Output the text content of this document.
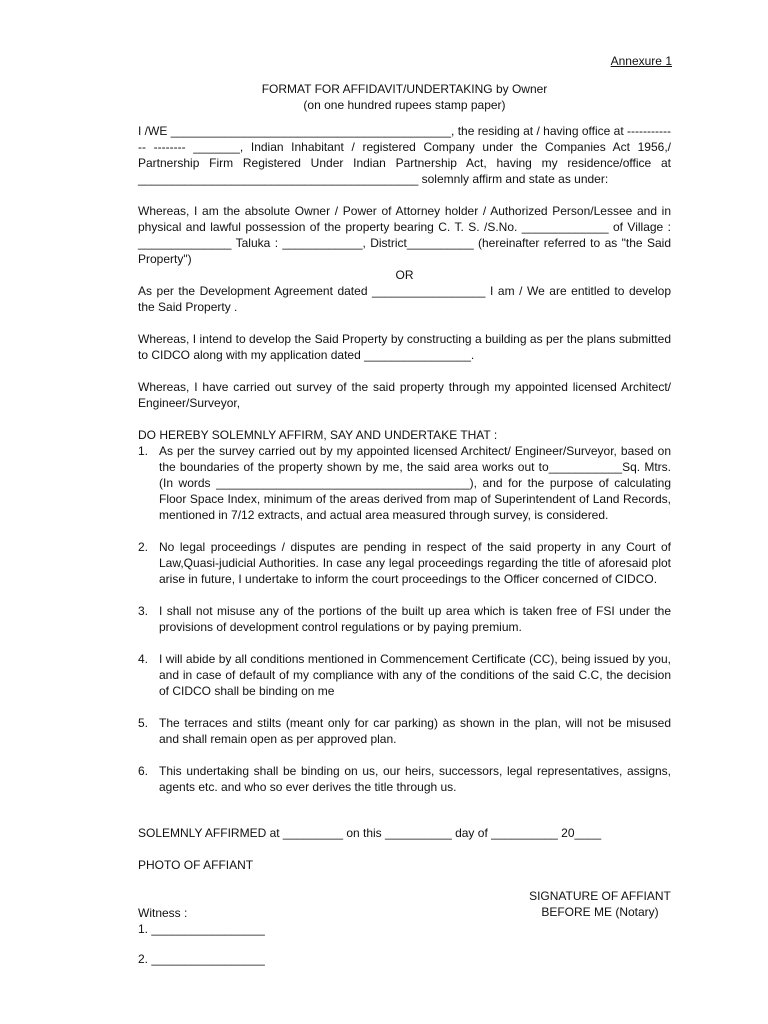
Annexure 1
FORMAT FOR AFFIDAVIT/UNDERTAKING by Owner
(on one hundred rupees stamp paper)

I /WE __________________________________________, the residing at / having office at ------------- -------- _______, Indian Inhabitant / registered Company under the Companies Act 1956,/ Partnership Firm Registered Under Indian Partnership Act, having my residence/office at __________________________________________ solemnly affirm and state as under:

Whereas, I am the absolute Owner / Power of Attorney holder / Authorized Person/Lessee and in physical and lawful possession of the property bearing C. T. S. /S.No. _____________ of Village : ______________ Taluka : ____________, District__________ (hereinafter referred to as "the Said Property")

OR

As per the Development Agreement dated _________________ I am / We are entitled to develop the Said Property .

Whereas, I intend to develop the Said Property by constructing a building as per the plans submitted to CIDCO along with my application dated ________________.

Whereas, I have carried out survey of the said property through my appointed licensed Architect/ Engineer/Surveyor,

DO HEREBY SOLEMNLY AFFIRM, SAY AND UNDERTAKE THAT :

1. As per the survey carried out by my appointed licensed Architect/ Engineer/Surveyor, based on the boundaries of the property shown by me, the said area works out to___________Sq. Mtrs. (In words ______________________________________), and for the purpose of calculating Floor Space Index, minimum of the areas derived from map of Superintendent of Land Records, mentioned in 7/12 extracts, and actual area measured through survey, is considered.
2. No legal proceedings / disputes are pending in respect of the said property in any Court of Law,Quasi-judicial Authorities. In case any legal proceedings regarding the title of aforesaid plot arise in future, I undertake to inform the court proceedings to the Officer concerned of CIDCO.
3. I shall not misuse any of the portions of the built up area which is taken free of FSI under the provisions of development control regulations or by paying premium.
4. I will abide by all conditions mentioned in Commencement Certificate (CC), being issued by you, and in case of default of my compliance with any of the conditions of the said C.C, the decision of CIDCO shall be binding on me
5. The terraces and stilts (meant only for car parking) as shown in the plan, will not be misused and shall remain open as per approved plan.
6. This undertaking shall be binding on us, our heirs, successors, legal representatives, assigns, agents etc. and who so ever derives the title through us.
SOLEMNLY AFFIRMED at _________ on this __________ day of __________ 20____
PHOTO OF AFFIANT
SIGNATURE OF AFFIANT
BEFORE ME (Notary)
Witness :
1. _________________
2. _________________
